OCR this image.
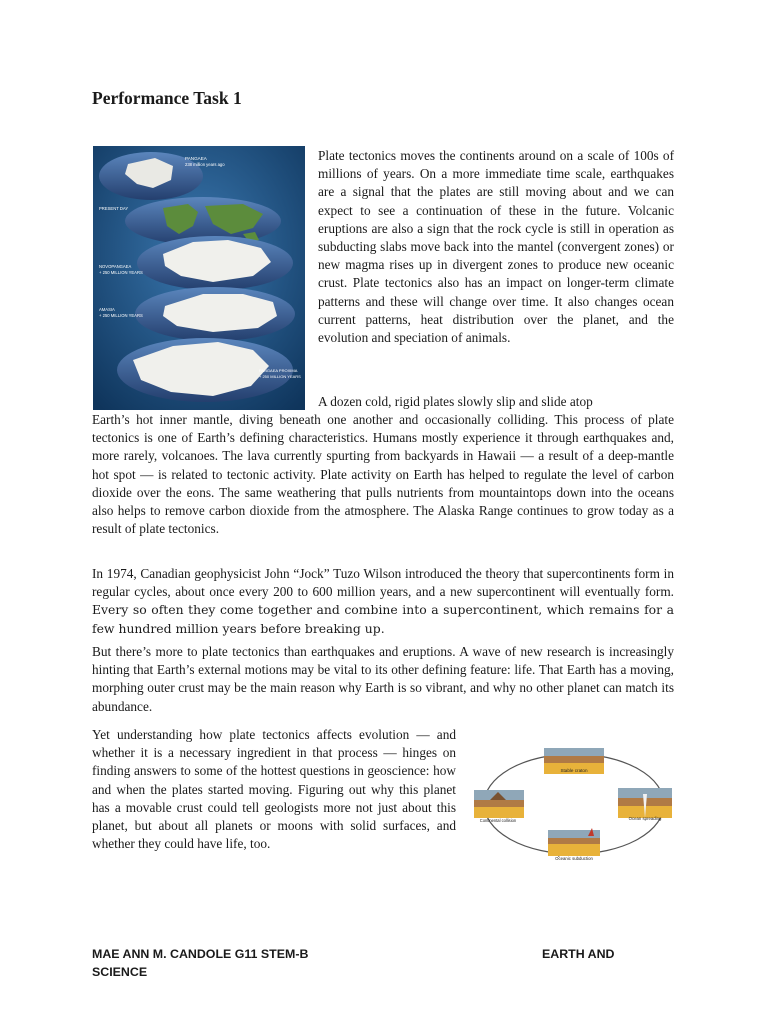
Performance Task 1
PANGAEA
238 million years ago
PRESENT DAY
NOVOPANGAEA
+ 250 MILLION YEARS
AMASIA
+ 250 MILLION YEARS
PANGAEA PROXIMA
+ 250 MILLION YEARS

Plate tectonics moves the continents around on a scale of 100s of millions of years. On a more immediate time scale, earthquakes are a signal that the plates are still moving about and we can expect to see a continuation of these in the future. Volcanic eruptions are also a sign that the rock cycle is still in operation as subducting slabs move back into the mantel (convergent zones) or new magma rises up in divergent zones to produce new oceanic crust. Plate tectonics also has an impact on longer-term climate patterns and these will change over time. It also changes ocean current patterns, heat distribution over the planet, and the evolution and speciation of animals.

A dozen cold, rigid plates slowly slip and slide atop

Earth’s hot inner mantle, diving beneath one another and occasionally colliding. This process of plate tectonics is one of Earth’s defining characteristics. Humans mostly experience it through earthquakes and, more rarely, volcanoes. The lava currently spurting from backyards in Hawaii — a result of a deep-mantle hot spot — is related to tectonic activity. Plate activity on Earth has helped to regulate the level of carbon dioxide over the eons. The same weathering that pulls nutrients from mountaintops down into the oceans also helps to remove carbon dioxide from the atmosphere. The Alaska Range continues to grow today as a result of plate tectonics.

In 1974, Canadian geophysicist John “Jock” Tuzo Wilson introduced the theory that supercontinents form in regular cycles, about once every 200 to 600 million years, and a new supercontinent will eventually form. Every so often they come together and combine into a supercontinent, which remains for a few hundred million years before breaking up.

But there’s more to plate tectonics than earthquakes and eruptions. A wave of new research is increasingly hinting that Earth’s external motions may be vital to its other defining feature: life. That Earth has a moving, morphing outer crust may be the main reason why Earth is so vibrant, and why no other planet can match its abundance.

Yet understanding how plate tectonics affects evolution — and whether it is a necessary ingredient in that process — hinges on finding answers to some of the hottest questions in geoscience: how and when the plates started moving. Figuring out why this planet has a movable crust could tell geologists more not just about this planet, but about all planets or moons with solid surfaces, and whether they could have life, too.

Stable craton
Ocean spreading
Oceanic subduction
Continental collision
MAE ANN M. CANDOLE G11 STEM-B	EARTH AND
SCIENCE
